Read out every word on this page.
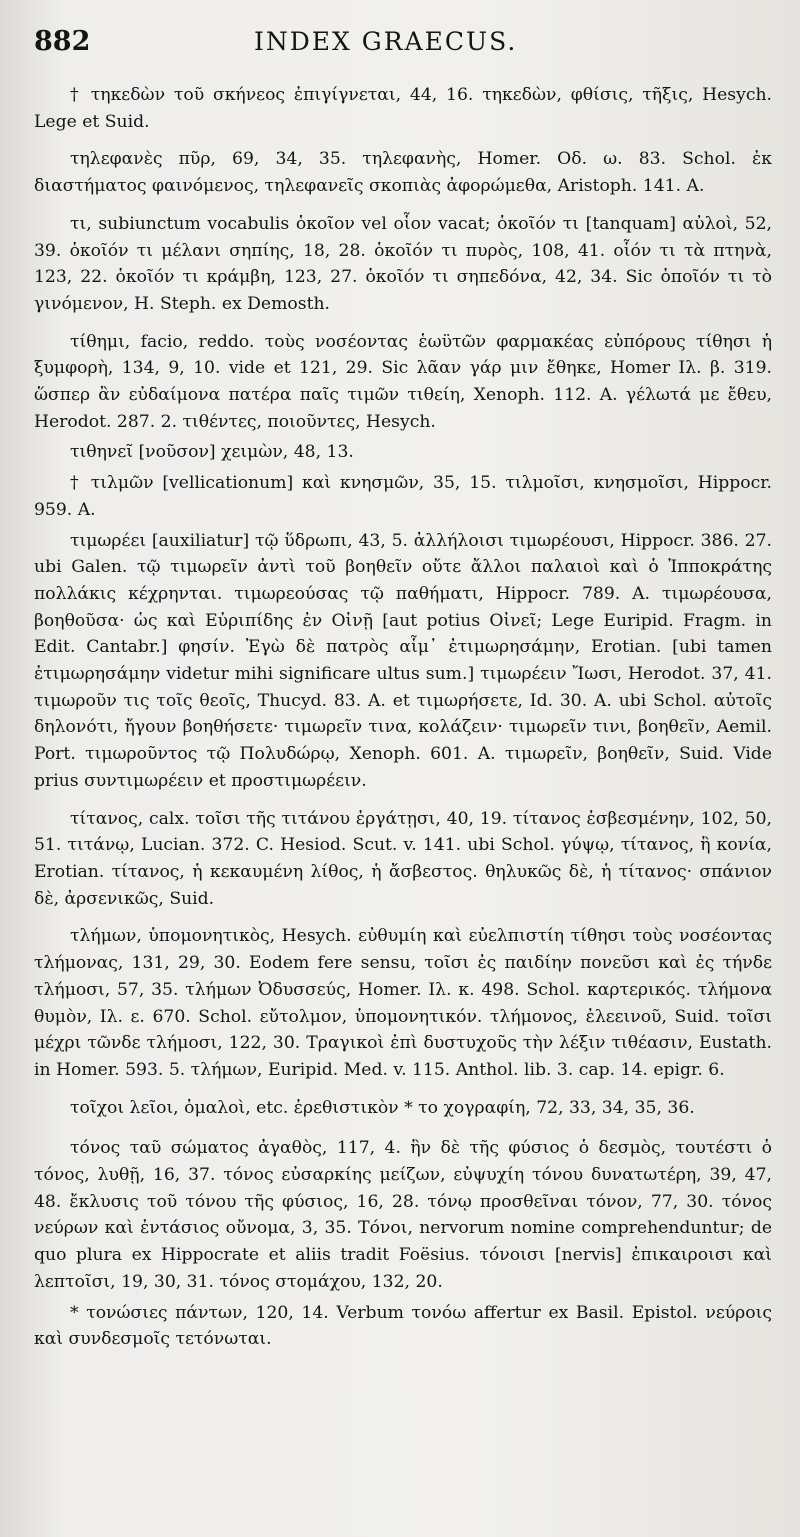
882	INDEX GRAECUS.

† τηκεδὼν τοῦ σκήνεος ἐπιγίγνεται, 44, 16. τηκεδὼν, φθίσις, τῆξις, Hesych. Lege et Suid.

τηλεφανὲς πῦρ, 69, 34, 35. τηλεφανὴς, Homer. Οδ. ω. 83. Schol. ἐκ διαστήματος φαινόμενος, τηλεφανεῖς σκοπιὰς ἀφορώμεθα, Aristoph. 141. A.

τι, subiunctum vocabulis ὁκοῖον vel οἷον vacat; ὁκοῖόν τι [tanquam] αὐλοὶ, 52, 39. ὁκοῖόν τι μέλανι σηπίης, 18, 28. ὁκοῖόν τι πυρὸς, 108, 41. οἷόν τι τὰ πτηνὰ, 123, 22. ὁκοῖόν τι κράμβη, 123, 27. ὁκοῖόν τι σηπεδόνα, 42, 34. Sic ὁποῖόν τι τὸ γινόμενον, H. Steph. ex Demosth.

τίθημι, facio, reddo. τοὺς νοσέοντας ἑωϋτῶν φαρμακέας εὐπόρους τίθησι ἡ ξυμφορὴ, 134, 9, 10. vide et 121, 29. Sic λᾶαν γάρ μιν ἔθηκε, Homer Ιλ. β. 319. ὥσπερ ἂν εὐδαίμονα πατέρα παῖς τιμῶν τιθείη, Xenoph. 112. A. γέλωτά με ἔθευ, Herodot. 287. 2. τιθέντες, ποιοῦντες, Hesych.

τιθηνεῖ [νοῦσον] χειμὼν, 48, 13.

† τιλμῶν [vellicationum] καὶ κνησμῶν, 35, 15. τιλμοῖσι, κνησμοῖσι, Hippocr. 959. A.

τιμωρέει [auxiliatur] τῷ ὕδρωπι, 43, 5. ἀλλήλοισι τιμωρέουσι, Hippocr. 386. 27. ubi Galen. τῷ τιμωρεῖν ἀντὶ τοῦ βοηθεῖν οὔτε ἄλλοι παλαιοὶ καὶ ὁ Ἱπποκράτης πολλάκις κέχρηνται. τιμωρεούσας τῷ παθήματι, Hippocr. 789. A. τιμωρέουσα, βοηθοῦσα· ὡς καὶ Εὐριπίδης ἐν Οἰνῇ [aut potius Οἰνεῖ; Lege Euripid. Fragm. in Edit. Cantabr.] φησίν. Ἐγὼ δὲ πατρὸς αἷμ᾽ ἐτιμωρησάμην, Erotian. [ubi tamen ἐτιμωρησάμην videtur mihi significare ultus sum.] τιμωρέειν Ἴωσι, Herodot. 37, 41. τιμωροῦν τις τοῖς θεοῖς, Thucyd. 83. A. et τιμωρήσετε, Id. 30. A. ubi Schol. αὐτοῖς δηλονότι, ἤγουν βοηθήσετε· τιμωρεῖν τινα, κολάζειν· τιμωρεῖν τινι, βοηθεῖν, Aemil. Port. τιμωροῦντος τῷ Πολυδώρῳ, Xenoph. 601. A. τιμωρεῖν, βοηθεῖν, Suid. Vide prius συντιμωρέειν et προστιμωρέειν.

τίτανος, calx. τοῖσι τῆς τιτάνου ἐργάτῃσι, 40, 19. τίτανος ἐσβεσμένην, 102, 50, 51. τιτάνῳ, Lucian. 372. C. Hesiod. Scut. v. 141. ubi Schol. γύψῳ, τίτανος, ἢ κονία, Erotian. τίτανος, ἡ κεκαυμένη λίθος, ἡ ἄσβεστος. θηλυκῶς δὲ, ἡ τίτανος· σπάνιον δὲ, ἀρσενικῶς, Suid.

τλήμων, ὑπομονητικὸς, Hesych. εὐθυμίη καὶ εὐελπιστίη τίθησι τοὺς νοσέοντας τλήμονας, 131, 29, 30. Eodem fere sensu, τοῖσι ἐς παιδίην πονεῦσι καὶ ἐς τήνδε τλήμοσι, 57, 35. τλήμων Ὀδυσσεύς, Homer. Ιλ. κ. 498. Schol. καρτερικός. τλήμονα θυμὸν, Ιλ. ε. 670. Schol. εὔτολμον, ὑπομονητικόν. τλήμονος, ἐλεεινοῦ, Suid. τοῖσι μέχρι τῶνδε τλήμοσι, 122, 30. Τραγικοὶ ἐπὶ δυστυχοῦς τὴν λέξιν τιθέασιν, Eustath. in Homer. 593. 5. τλήμων, Euripid. Med. v. 115. Anthol. lib. 3. cap. 14. epigr. 6.

τοῖχοι λεῖοι, ὁμαλοὶ, etc. ἐρεθιστικὸν * το χογραφίη, 72, 33, 34, 35, 36.

τόνος ταῦ σώματος ἀγαθὸς, 117, 4. ἣν δὲ τῆς φύσιος ὁ δεσμὸς, τουτέστι ὁ τόνος, λυθῇ, 16, 37. τόνος εὐσαρκίης μείζων, εὐψυχίη τόνου δυνατωτέρη, 39, 47, 48. ἔκλυσις τοῦ τόνου τῆς φύσιος, 16, 28. τόνῳ προσθεῖναι τόνον, 77, 30. τόνος νεύρων καὶ ἐντάσιος οὔνομα, 3, 35. Τόνοι, nervorum nomine comprehenduntur; de quo plura ex Hippocrate et aliis tradit Foësius. τόνοισι [nervis] ἐπικαιροισι καὶ λεπτοῖσι, 19, 30, 31. τόνος στομάχου, 132, 20.

* τονώσιες πάντων, 120, 14. Verbum τονόω affertur ex Basil. Epistol. νεύροις καὶ συνδεσμοῖς τετόνωται.
